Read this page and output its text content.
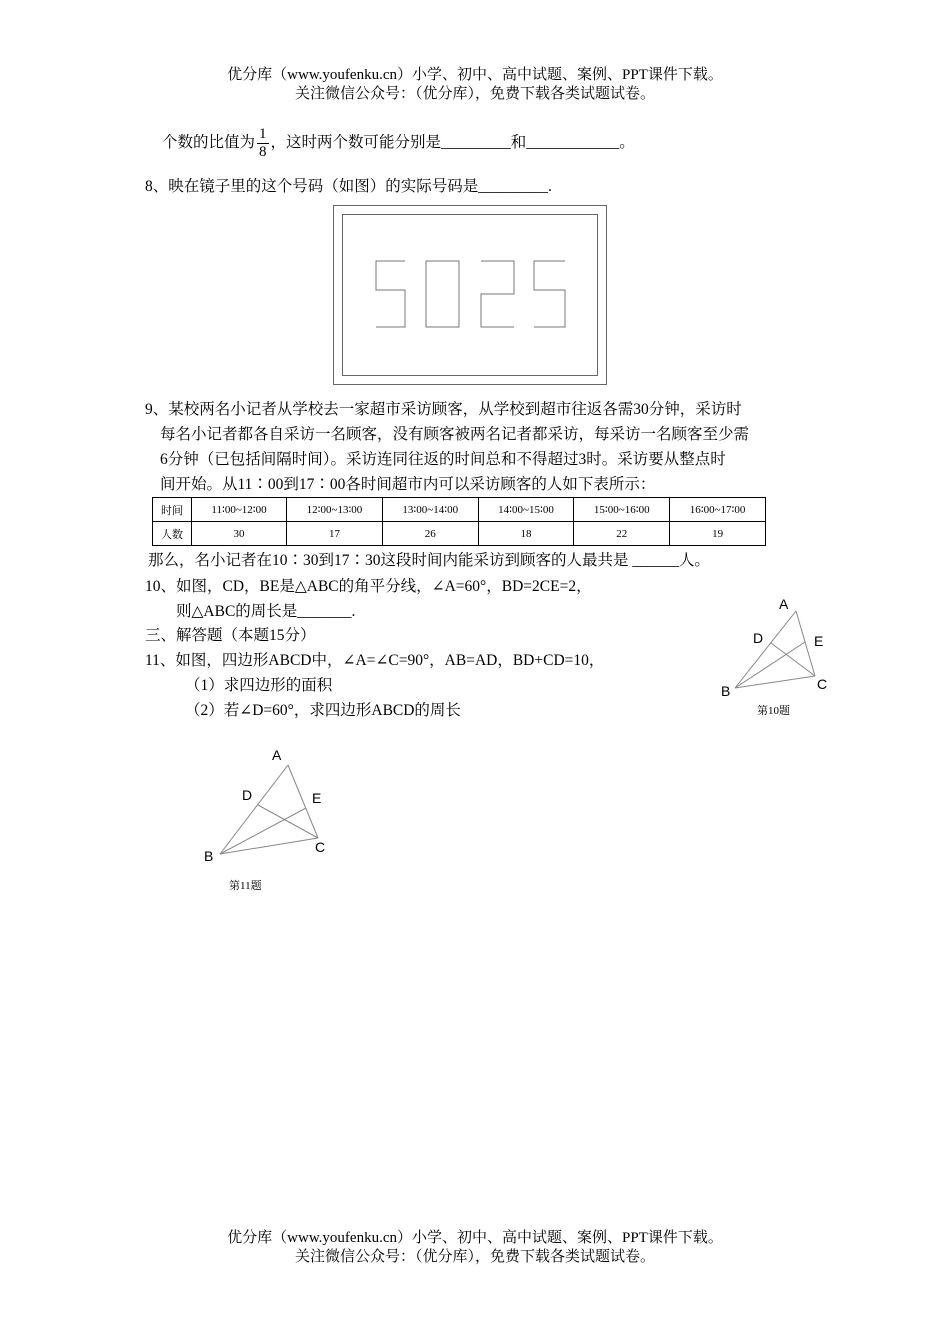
优分库（www.youfenku.cn）小学、初中、高中试题、案例、PPT课件下载。
关注微信公众号：（优分库），免费下载各类试题试卷。
个数的比值为 $\frac{1}{8}$ ，这时两个数可能分别是_________和____________。
8、映在镜子里的这个号码（如图）的实际号码是_________.
9、某校两名小记者从学校去一家超市采访顾客，从学校到超市往返各需30分钟，采访时
每名小记者都各自采访一名顾客，没有顾客被两名记者都采访，每采访一名顾客至少需
6分钟（已包括间隔时间）。采访连同往返的时间总和不得超过3时。采访要从整点时
间开始。从11∶00到17∶00各时间超市内可以采访顾客的人如下表所示：
时间	11∶00~12∶00	12∶00~13∶00	13∶00~14∶00	14∶00~15∶00	15∶00~16∶00	16∶00~17∶00
人数	30	17	26	18	22	19
那么，名小记者在10∶30到17∶30这段时间内能采访到顾客的人最共是 ______人。
10、如图，CD，BE是△ABC的角平分线，∠A=60°，BD=2CE=2，
则△ABC的周长是_______.	A
D	E
B	C
第10题
三、解答题（本题15分）
11、如图，四边形ABCD中，∠A=∠C=90°，AB=AD，BD+CD=10，
（1）求四边形的面积
（2）若∠D=60°，求四边形ABCD的周长
A
D	E
B
C
第11题
优分库（www.youfenku.cn）小学、初中、高中试题、案例、PPT课件下载。
关注微信公众号：（优分库），免费下载各类试题试卷。
